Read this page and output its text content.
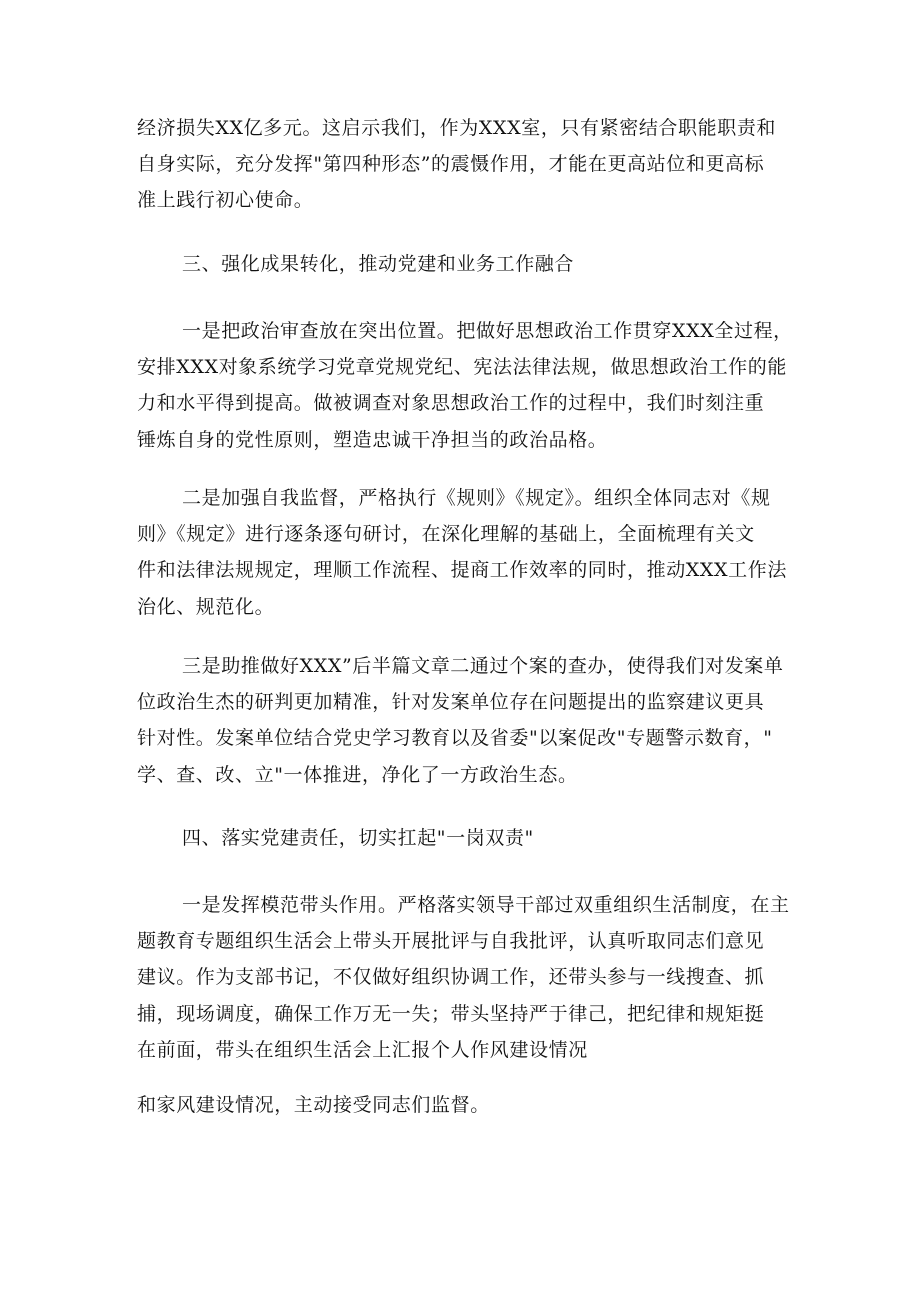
经济损失XX亿多元。这启示我们，作为XXX室，只有紧密结合职能职责和
自身实际，充分发挥"第四种形态”的震慑作用，才能在更高站位和更高标
准上践行初心使命。
三、强化成果转化，推动党建和业务工作融合
一是把政治审查放在突出位置。把做好思想政治工作贯穿XXX全过程，
安排XXX对象系统学习党章党规党纪、宪法法律法规，做思想政治工作的能
力和水平得到提高。做被调查对象思想政治工作的过程中，我们时刻注重
锤炼自身的党性原则，塑造忠诚干净担当的政治品格。
二是加强自我监督，严格执行《规则》《规定》。组织全体同志对《规
则》《规定》进行逐条逐句研讨，在深化理解的基础上，全面梳理有关文
件和法律法规规定，理顺工作流程、提商工作效率的同时，推动XXX工作法
治化、规范化。
三是助推做好XXX”后半篇文章二通过个案的查办，使得我们对发案单
位政治生杰的研判更加精准，针对发案单位存在问题提出的监察建议更具
针对性。发案单位结合党史学习教育以及省委"以案促改"专题警示数育，"
学、查、改、立"一体推进，净化了一方政治生态。
四、落实党建责任，切实扛起"一岗双责"
一是发挥模范带头作用。严格落实领导干部过双重组织生活制度，在主
题教育专题组织生活会上带头开展批评与自我批评，认真听取同志们意见
建议。作为支部书记，不仅做好组织协调工作，还带头参与一线搜查、抓
捕，现场调度，确保工作万无一失；带头坚持严于律己，把纪律和规矩挺
在前面，带头在组织生活会上汇报个人作风建设情况
和家风建设情况，主动接受同志们监督。
